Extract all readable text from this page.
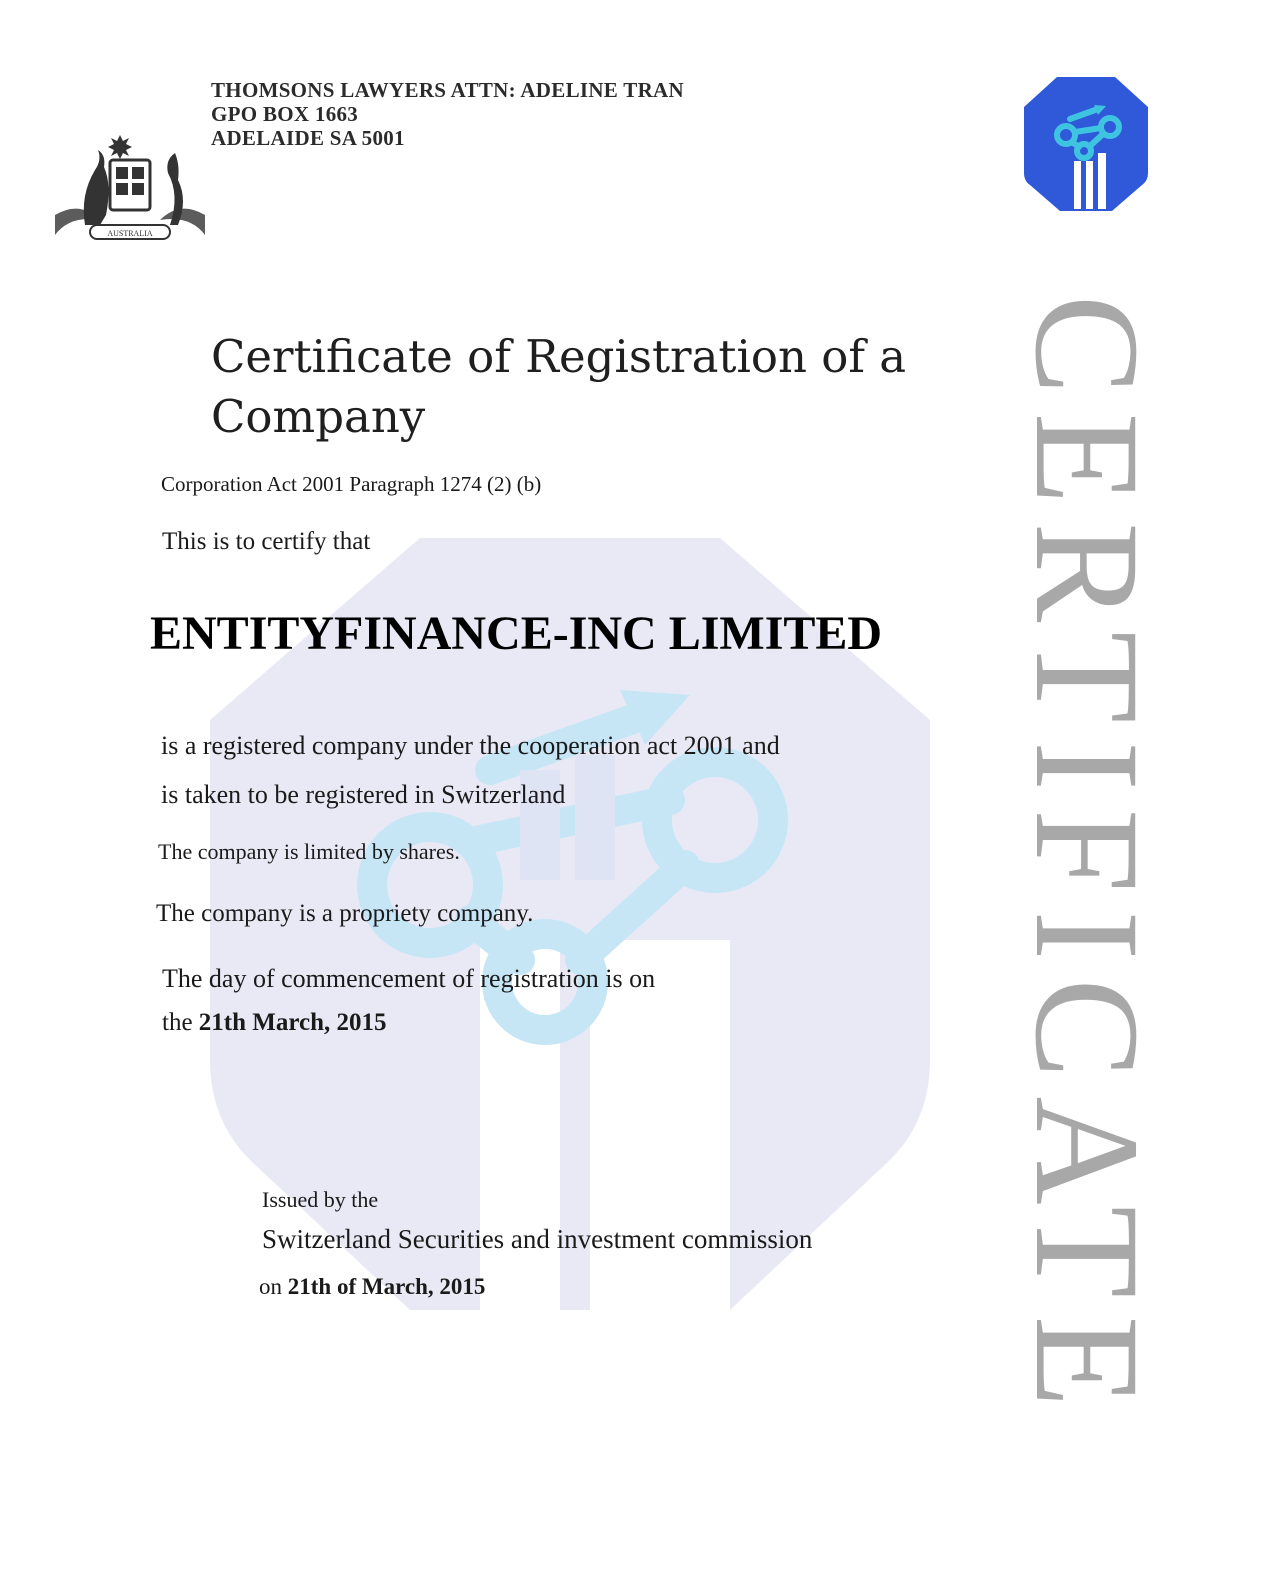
AUSTRALIA
THOMSONS LAWYERS ATTN: ADELINE TRAN
GPO BOX 1663
ADELAIDE SA 5001
Certificate of Registration of a
Company
Corporation Act 2001 Paragraph 1274 (2) (b)
This is to certify that
ENTITYFINANCE-INC LIMITED
is a registered company under the cooperation act 2001 and
is taken to be registered in Switzerland
The company is limited by shares.
The company is a propriety company.
The day of commencement of registration is on
the 21th March, 2015
Issued by the
Switzerland Securities and investment commission
on 21th of March, 2015	CERTIFICATE
